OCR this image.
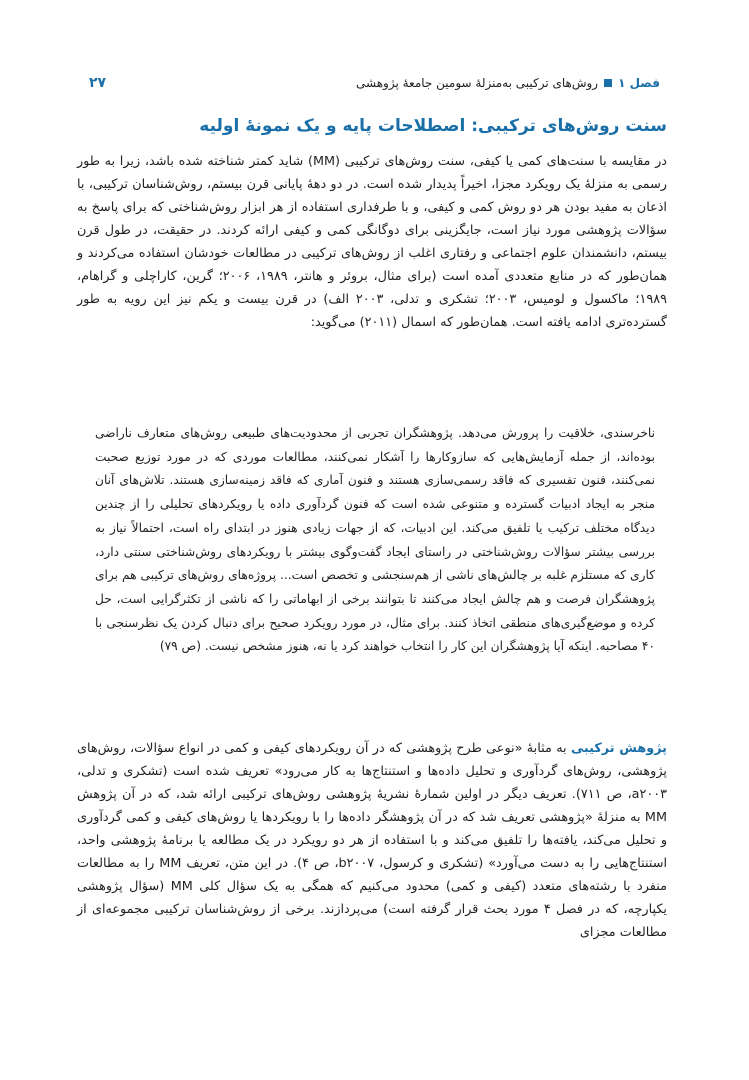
فصل ۱
روش‌های ترکیبی به‌منزلهٔ سومین جامعهٔ پژوهشی
۲۷
سنت روش‌های ترکیبی: اصطلاحات پایه و یک نمونهٔ اولیه

در مقایسه با سنت‌های کمی یا کیفی، سنت روش‌های ترکیبی (MM) شاید کمتر شناخته شده باشد، زیرا به طور رسمی به منزلهٔ یک رویکرد مجزا، اخیراً پدیدار شده است. در دو دههٔ پایانی قرن بیستم، روش‌شناسان ترکیبی، با اذعان به مفید بودن هر دو روش کمی و کیفی، و با طرفداری استفاده از هر ابزار روش‌شناختی که برای پاسخ به سؤالات پژوهشی مورد نیاز است، جایگزینی برای دوگانگی کمی و کیفی ارائه کردند. در حقیقت، در طول قرن بیستم، دانشمندان علوم اجتماعی و رفتاری اغلب از روش‌های ترکیبی در مطالعات خودشان استفاده می‌کردند و همان‌طور که در منابع متعددی آمده است (برای مثال، بروئر و هانتر، ۱۹۸۹، ۲۰۰۶؛ گرین، کاراچلی و گراهام، ۱۹۸۹؛ ماکسول و لومیس، ۲۰۰۳؛ تشکری و تدلی، ۲۰۰۳ الف) در قرن بیست و یکم نیز این رویه به طور گسترده‌تری ادامه یافته است. همان‌طور که اسمال (۲۰۱۱) می‌گوید:

ناخرسندی، خلاقیت را پرورش می‌دهد. پژوهشگران تجربی از محدودیت‌های طبیعی روش‌های متعارف ناراضی بوده‌اند، از جمله آزمایش‌هایی که سازوکارها را آشکار نمی‌کنند، مطالعات موردی که در مورد توزیع صحبت نمی‌کنند، فنون تفسیری که فاقد رسمی‌سازی هستند و فنون آماری که فاقد زمینه‌سازی هستند. تلاش‌های آنان منجر به ایجاد ادبیات گسترده و متنوعی شده است که فنون گردآوری داده یا رویکردهای تحلیلی را از چندین دیدگاه مختلف ترکیب یا تلفیق می‌کند. این ادبیات، که از جهات زیادی هنوز در ابتدای راه است، احتمالاً نیاز به بررسی بیشتر سؤالات روش‌شناختی در راستای ایجاد گفت‌وگوی بیشتر با رویکردهای روش‌شناختی سنتی دارد، کاری که مستلزم غلبه بر چالش‌های ناشی از هم‌سنجشی و تخصص است... پروژه‌های روش‌های ترکیبی هم برای پژوهشگران فرصت و هم چالش ایجاد می‌کنند تا بتوانند برخی از ابهاماتی را که ناشی از تکثرگرایی است، حل کرده و موضع‌گیری‌های منطقی اتخاذ کنند. برای مثال، در مورد رویکرد صحیح برای دنبال کردن یک نظرسنجی با ۴۰ مصاحبه. اینکه آیا پژوهشگران این کار را انتخاب خواهند کرد یا نه، هنوز مشخص نیست. (ص ۷۹)

پژوهش ترکیبی به مثابهٔ «نوعی طرح پژوهشی که در آن رویکردهای کیفی و کمی در انواع سؤالات، روش‌های پژوهشی، روش‌های گردآوری و تحلیل داده‌ها و استنتاج‌ها به کار می‌رود» تعریف شده است (تشکری و تدلی، a۲۰۰۳، ص ۷۱۱). تعریف دیگر در اولین شمارهٔ نشریهٔ پژوهشی روش‌های ترکیبی ارائه شد، که در آن پژوهش MM به منزلهٔ «پژوهشی تعریف شد که در آن پژوهشگر داده‌ها را با رویکردها یا روش‌های کیفی و کمی گردآوری و تحلیل می‌کند، یافته‌ها را تلفیق می‌کند و با استفاده از هر دو رویکرد در یک مطالعه یا برنامهٔ پژوهشی واحد، استنتاج‌هایی را به دست می‌آورد» (تشکری و کرسول، b۲۰۰۷، ص ۴). در این متن، تعریف MM را به مطالعات منفرد با رشته‌های متعدد (کیفی و کمی) محدود می‌کنیم که همگی به یک سؤال کلی MM (سؤال پژوهشی یکپارچه، که در فصل ۴ مورد بحث قرار گرفته است) می‌پردازند. برخی از روش‌شناسان ترکیبی مجموعه‌ای از مطالعات مجزای
